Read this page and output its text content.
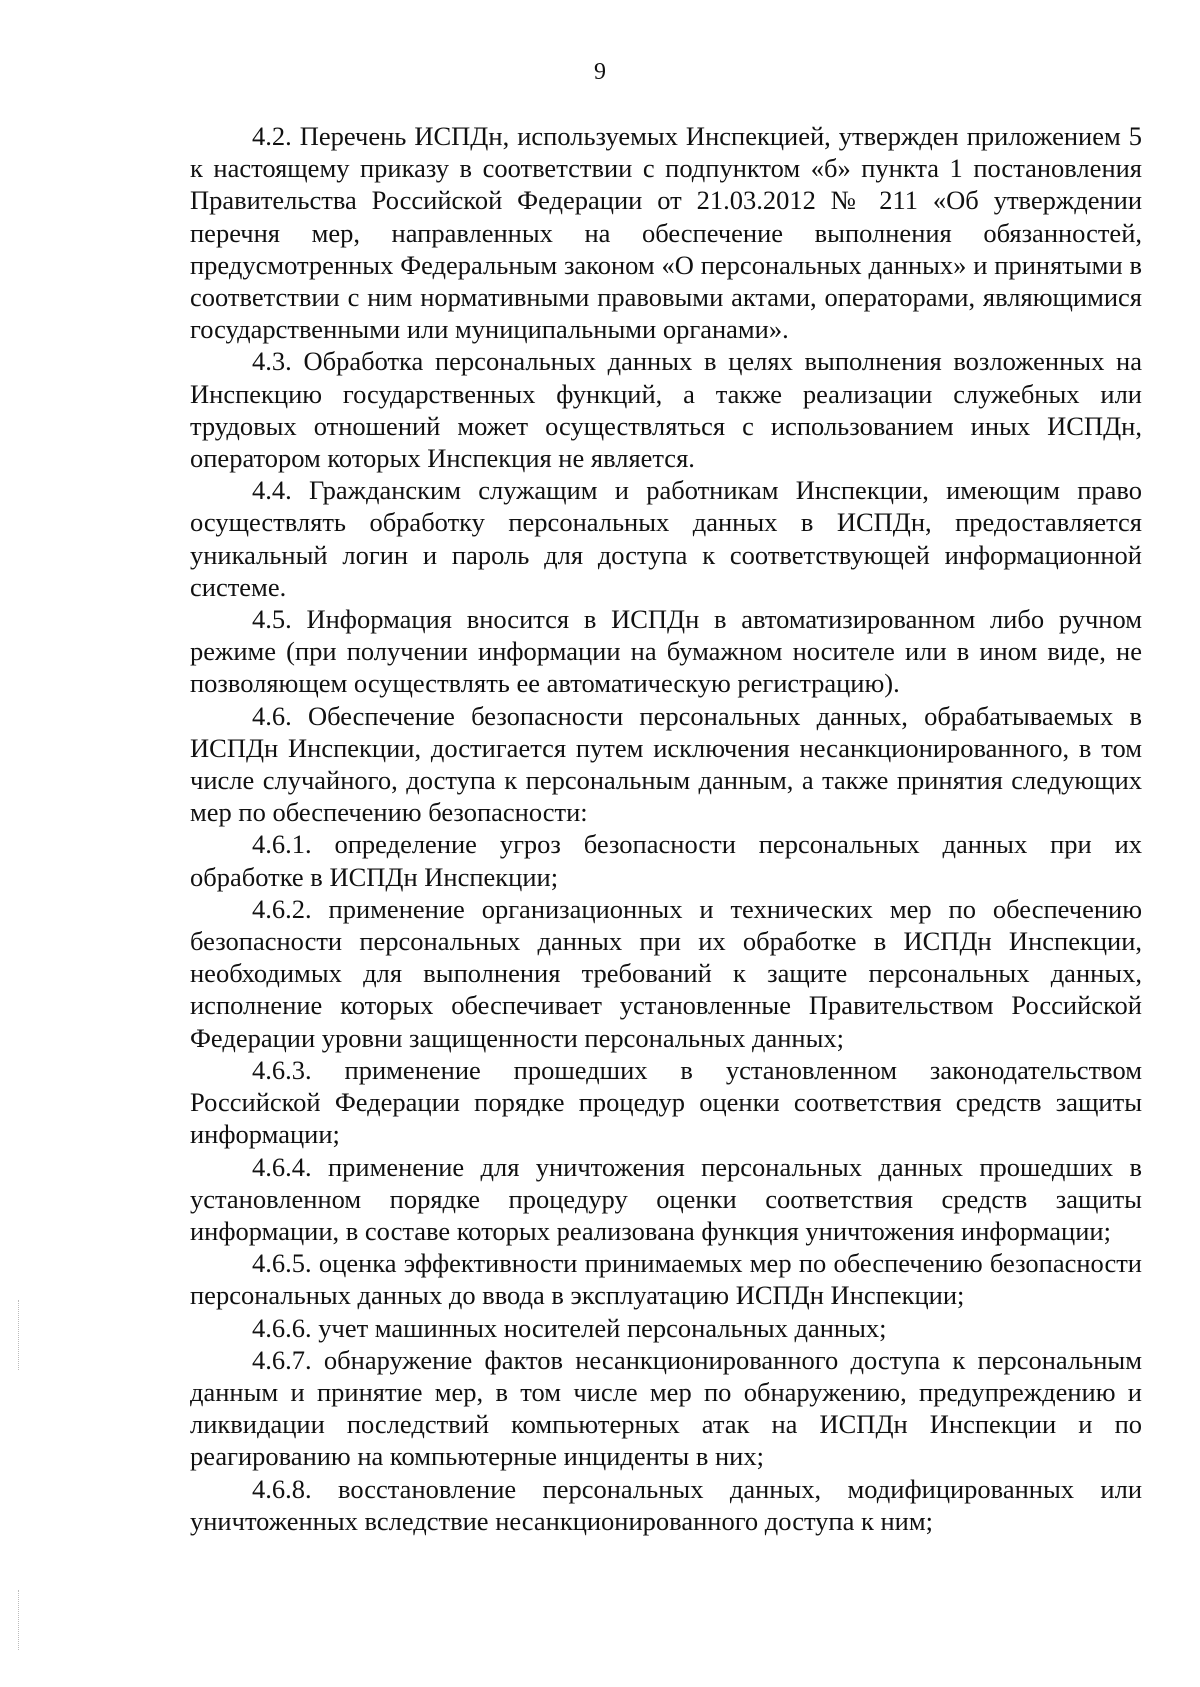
9

4.2. Перечень ИСПДн, используемых Инспекцией, утвержден приложением 5 к настоящему приказу в соответствии с подпунктом «б» пункта 1 постановления Правительства Российской Федерации от 21.03.2012 № 211 «Об утверждении перечня мер, направленных на обеспечение выполнения обязанностей, предусмотренных Федеральным законом «О персональных данных» и принятыми в соответствии с ним нормативными правовыми актами, операторами, являющимися государственными или муниципальными органами».

4.3. Обработка персональных данных в целях выполнения возложенных на Инспекцию государственных функций, а также реализации служебных или трудовых отношений может осуществляться с использованием иных ИСПДн, оператором которых Инспекция не является.

4.4. Гражданским служащим и работникам Инспекции, имеющим право осуществлять обработку персональных данных в ИСПДн, предоставляется уникальный логин и пароль для доступа к соответствующей информационной системе.

4.5. Информация вносится в ИСПДн в автоматизированном либо ручном режиме (при получении информации на бумажном носителе или в ином виде, не позволяющем осуществлять ее автоматическую регистрацию).

4.6. Обеспечение безопасности персональных данных, обрабатываемых в ИСПДн Инспекции, достигается путем исключения несанкционированного, в том числе случайного, доступа к персональным данным, а также принятия следующих мер по обеспечению безопасности:

4.6.1. определение угроз безопасности персональных данных при их обработке в ИСПДн Инспекции;

4.6.2. применение организационных и технических мер по обеспечению безопасности персональных данных при их обработке в ИСПДн Инспекции, необходимых для выполнения требований к защите персональных данных, исполнение которых обеспечивает установленные Правительством Российской Федерации уровни защищенности персональных данных;

4.6.3. применение прошедших в установленном законодательством Российской Федерации порядке процедур оценки соответствия средств защиты информации;

4.6.4. применение для уничтожения персональных данных прошедших в установленном порядке процедуру оценки соответствия средств защиты информации, в составе которых реализована функция уничтожения информации;

4.6.5. оценка эффективности принимаемых мер по обеспечению безопасности персональных данных до ввода в эксплуатацию ИСПДн Инспекции;

4.6.6. учет машинных носителей персональных данных;

4.6.7. обнаружение фактов несанкционированного доступа к персональным данным и принятие мер, в том числе мер по обнаружению, предупреждению и ликвидации последствий компьютерных атак на ИСПДн Инспекции и по реагированию на компьютерные инциденты в них;

4.6.8. восстановление персональных данных, модифицированных или уничтоженных вследствие несанкционированного доступа к ним;
